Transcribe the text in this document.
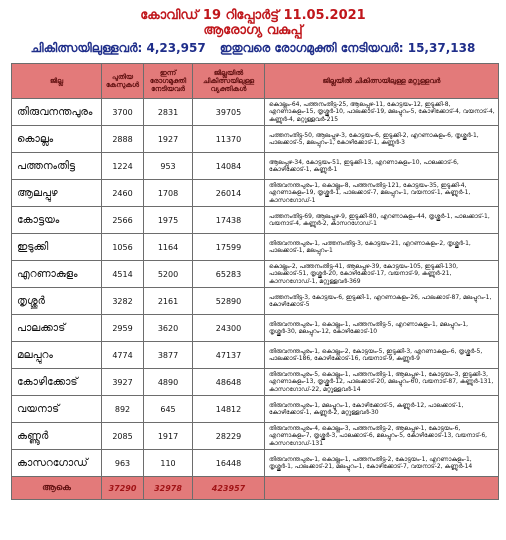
കോവിഡ് 19 റിപ്പോർട്ട് 11.05.2021
ആരോഗ്യ വകുപ്പ്
ചികിത്സയിലുള്ളവർ: 4,23,957 ഇതുവരെ രോഗമുക്തി നേടിയവർ: 15,37,138
ജില്ല	പുതിയ കേസുകൾ	ഇന്ന് രോഗമുക്തി നേടിയവർ	ജില്ലയിൽ ചികിത്സയിലുള്ള വ്യക്തികൾ	ജില്ലയിൽ ചികിത്സയിലുള്ള മറ്റുള്ളവർ
തിരുവനന്തപുരം	3700	2831	39705	കൊല്ലം-64, പത്തനംതിട്ട-25, ആലപ്പുഴ-11, കോട്ടയം-12, ഇടുക്കി-8, എറണാകുളം-15, തൃശ്ശൂർ-10, പാലക്കാട്-19, മലപ്പുറം-5, കോഴിക്കോട്-4, വയനാട്-4, കണ്ണൂർ-4, മറ്റുള്ളവർ-215
കൊല്ലം	2888	1927	11370	പത്തനംതിട്ട-50, ആലപ്പുഴ-3, കോട്ടയം-6, ഇടുക്കി-2, എറണാകുളം-6, തൃശ്ശൂർ-1, പാലക്കാട്-5, മലപ്പുറം-1, കോഴിക്കോട്-1, കണ്ണൂർ-3
പത്തനംതിട്ട	1224	953	14084	ആലപ്പുഴ-34, കോട്ടയം-51, ഇടുക്കി-13, എറണാകുളം-10, പാലക്കാട്-6, കോഴിക്കോട്-1, കണ്ണൂർ-1
ആലപ്പുഴ	2460	1708	26014	തിരുവനന്തപുരം-1, കൊല്ലം-8, പത്തനംതിട്ട-121, കോട്ടയം-35, ഇടുക്കി-4, എറണാകുളം-19, തൃശ്ശൂർ-1, പാലക്കാട്-7, മലപ്പുറം-1, വയനാട്-1, കണ്ണൂർ-1, കാസറഗോഡ്-1
കോട്ടയം	2566	1975	17438	പത്തനംതിട്ട-69, ആലപ്പുഴ-9, ഇടുക്കി-80, എറണാകുളം-44, തൃശ്ശൂർ-1, പാലക്കാട്-1, വയനാട്-4, കണ്ണൂർ-2, കാസറഗോഡ്-1
ഇടുക്കി	1056	1164	17599	തിരുവനന്തപുരം-1, പത്തനംതിട്ട-3, കോട്ടയം-21, എറണാകുളം-2, തൃശ്ശൂർ-1, പാലക്കാട്-1, മലപ്പുറം-1
എറണാകുളം	4514	5200	65283	കൊല്ലം-2, പത്തനംതിട്ട-41, ആലപ്പുഴ-39, കോട്ടയം-105, ഇടുക്കി-130, പാലക്കാട്-51, തൃശ്ശൂർ-20, കോഴിക്കോട്-17, വയനാട്-9, കണ്ണൂർ-21, കാസറഗോഡ്-1, മറ്റുള്ളവർ-369
തൃശ്ശൂർ	3282	2161	52890	പത്തനംതിട്ട-3, കോട്ടയം-6, ഇടുക്കി-1, എറണാകുളം-26, പാലക്കാട്-87, മലപ്പുറം-1, കോഴിക്കോട്-5
പാലക്കാട്	2959	3620	24300	തിരുവനന്തപുരം-1, കൊല്ലം-1, പത്തനംതിട്ട-5, എറണാകുളം-1, മലപ്പുറം-1, തൃശ്ശൂർ-30, മലപ്പുറം-12, കോഴിക്കോട്-10
മലപ്പുറം	4774	3877	47137	തിരുവനന്തപുരം-1, കൊല്ലം-2, കോട്ടയം-5, ഇടുക്കി-3, എറണാകുളം-6, തൃശ്ശൂർ-5, പാലക്കാട്-186, കോഴിക്കോട്-16, വയനാട്-9, കണ്ണൂർ-9
കോഴിക്കോട്	3927	4890	48648	തിരുവനന്തപുരം-5, കൊല്ലം-1, പത്തനംതിട്ട-1, ആലപ്പുഴ-1, കോട്ടയം-3, ഇടുക്കി-3, എറണാകുളം-13, തൃശ്ശൂർ-12, പാലക്കാട്-20, മലപ്പുറം-60, വയനാട്-87, കണ്ണൂർ-131, കാസറഗോഡ്-22, മറ്റുള്ളവർ-14
വയനാട്	892	645	14812	തിരുവനന്തപുരം-1, മലപ്പുറം-1, കോഴിക്കോട്-5, കണ്ണൂർ-12, പാലക്കാട്-1, കോഴിക്കോട്-1, കണ്ണൂർ-2, മറ്റുള്ളവർ-30
കണ്ണൂർ	2085	1917	28229	തിരുവനന്തപുരം-4, കൊല്ലം-3, പത്തനംതിട്ട-2, ആലപ്പുഴ-1, കോട്ടയം-6, എറണാകുളം-7, തൃശ്ശൂർ-3, പാലക്കാട്-6, മലപ്പുറം-5, കോഴിക്കോട്-13, വയനാട്-6, കാസറഗോഡ്-131
കാസറഗോഡ്	963	110	16448	തിരുവനന്തപുരം-1, കൊല്ലം-1, പത്തനംതിട്ട-2, കോട്ടയം-1, എറണാകുളം-1, തൃശ്ശൂർ-1, പാലക്കാട്-21, മലപ്പുറം-1, കോഴിക്കോട്-7, വയനാട്-2, കണ്ണൂർ-14
ആകെ	37290	32978	423957	
